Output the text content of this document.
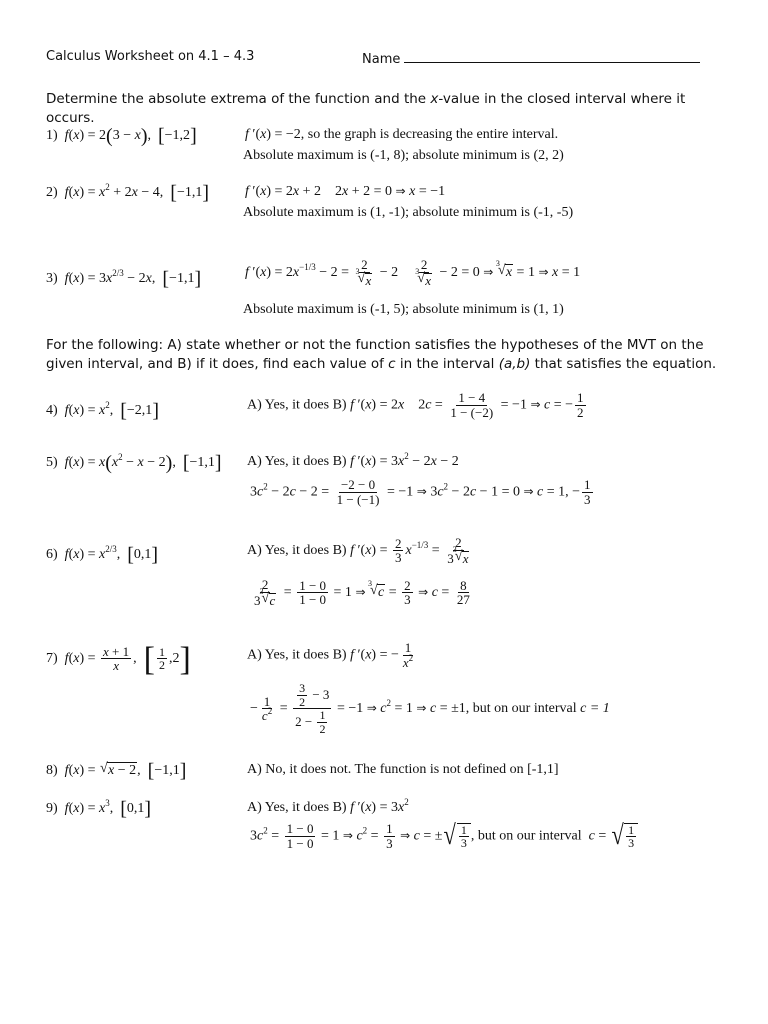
Calculus Worksheet on 4.1 – 4.3	Name
Determine the absolute extrema of the function and the x-value in the closed interval where it occurs.
1) f(x) = 2(3 − x),  [−1,2]	f ′(x) = −2, so the graph is decreasing the entire interval.
Absolute maximum is (-1, 8); absolute minimum is (2, 2)
2) $f(x) = x^2 + 2x - 4$,  [−1,1]	f ′(x) = 2x + 2    2x + 2 = 0 ⇒ x = −1
Absolute maximum is (1, -1); absolute minimum is (-1, -5)
3) $f(x) = 3x^{2/3} - 2x$,  [−1,1]	f $'(x) = 2x^{-1/3} - 2 = 2$
3
√ x − 2 2
3
√ x − 2 = 0 ⇒
3
√ x = 1 ⇒ x = 1
Absolute maximum is (-1, 5); absolute minimum is (1, 1)
For the following: A) state whether or not the function satisfies the hypotheses of the MVT on the given interval, and B) if it does, find each value of c in the interval (a,b) that satisfies the equation.
4) $f(x) = x^2$,  [−2,1]	A) Yes, it does B) f ′(x) = 2x    $2c = \frac{1 - 4}{1 - (-2)} = -1$ ⇒ c = − $\frac{1}{2}$
5) $f(x) = x(x^2 - x - 2)$,  [−1,1] A) Yes, it does B) f $'(x) = 3x^2 - 2x - 2$
$3c^2 - 2c - 2 = \frac{-2 - 0}{1 - (-1)} = -1$ ⇒ $3c^2 - 2c - 1 = 0$ ⇒ c = 1, − $\frac{1}{3}$
6) $f(x) = x^{2/3}$,  [0,1]	A) Yes, it does B) f $'(x) = \frac{2}{3} x^{-1/3} = 2$
3
3
√ x
2
3
3
√ $c = \frac{1 - 0}{1 - 0} = 1$ ⇒
3
√ $c = \frac{2}{3}$ ⇒ $c = \frac{8}{27}$
7) $f(x) = \frac{x + 1}{x}$ ,  [ $\frac{1}{2} ,2$]	A) Yes, it does B) f ′(x) = − $\frac{1}{x^2}$
− $\frac{1}{c^2} = \frac{\frac{3}{2} - 3}{2 - \frac{1}{2}} = -1$ ⇒ $c^2 = 1$ ⇒ c = ±1, but on our interval c = 1
8) f(x) = √ x − 2,  [−1,1]	A) No, it does not. The function is not defined on [-1,1]
9) $f(x) = x^3$,  [0,1]	A) Yes, it does B) f $'(x) = 3x^2$
$3c^2 = \frac{1 - 0}{1 - 0} = 1$ ⇒ $c^2 = \frac{1}{3}$ ⇒ c = ± √ $\frac{1}{3}$ , but on our interval c = √ $\frac{1}{3}$
